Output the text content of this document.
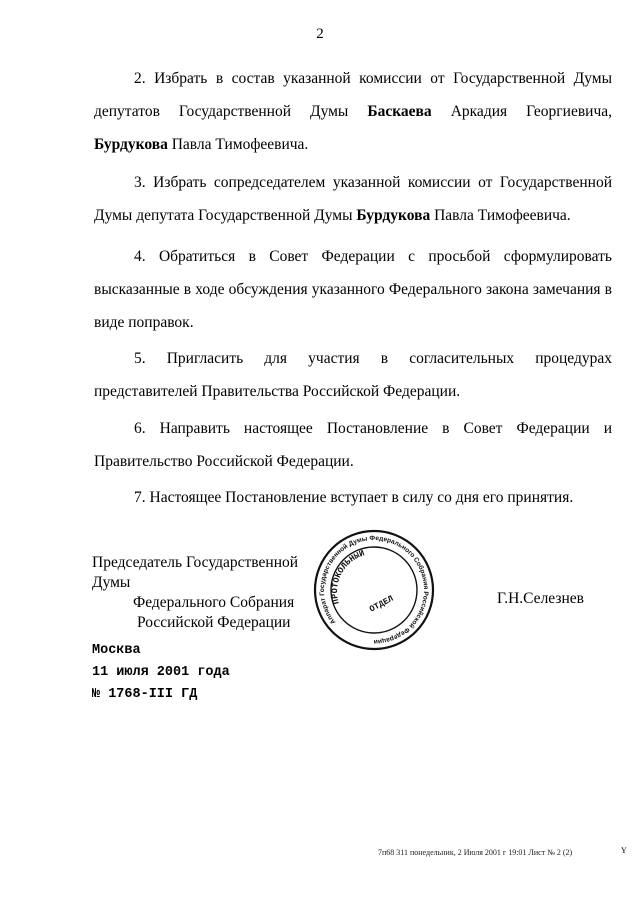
2

2. Избрать в состав указанной комиссии от Государственной Думы депутатов Государственной Думы Баскаева Аркадия Георгиевича, Бурдукова Павла Тимофеевича.

3. Избрать сопредседателем указанной комиссии от Государственной Думы депутата Государственной Думы Бурдукова Павла Тимофеевича.

4. Обратиться в Совет Федерации с просьбой сформулировать высказанные в ходе обсуждения указанного Федерального закона замечания в виде поправок.

5. Пригласить для участия в согласительных процедурах представителей Правительства Российской Федерации.

6. Направить настоящее Постановление в Совет Федерации и Правительство Российской Федерации.

7. Настоящее Постановление вступает в силу со дня его принятия.

Председатель Государственной Думы
Федерального Собрания
Российской Федерации	Аппарат Государственной Думы Федерального Собрания Российской Федерации
ПРОТОКОЛЬНЫЙ
ОТДЕЛ	Г.Н.Селезнев
Москва
11 июля 2001 года
№ 1768-III ГД
7п68 311 понедельник, 2 Июля 2001 г 19:01 Лист № 2 (2)	Y
